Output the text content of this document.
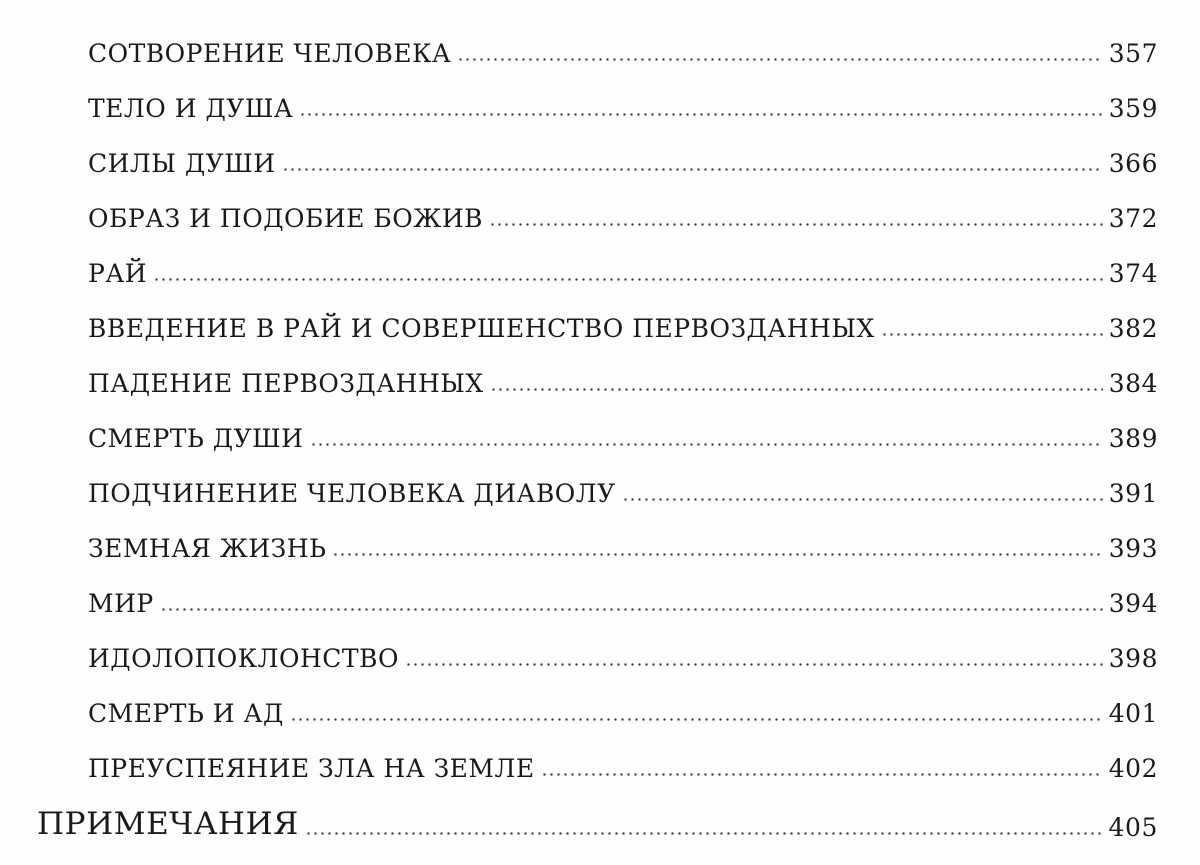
СОТВОРЕНИЕ ЧЕЛОВЕКА	357
ТЕЛО И ДУША	359
СИЛЫ ДУШИ	366
ОБРАЗ И ПОДОБИЕ БОЖИВ	372
РАЙ	374
ВВЕДЕНИЕ В РАЙ И СОВЕРШЕНСТВО ПЕРВОЗДАННЫХ	382
ПАДЕНИЕ ПЕРВОЗДАННЫХ	384
СМЕРТЬ ДУШИ	389
ПОДЧИНЕНИЕ ЧЕЛОВЕКА ДИАВОЛУ	391
ЗЕМНАЯ ЖИЗНЬ	393
МИР	394
ИДОЛОПОКЛОНСТВО	398
СМЕРТЬ И АД	401
ПРЕУСПЕЯНИЕ ЗЛА НА ЗЕМЛЕ	402
ПРИМЕЧАНИЯ	405
